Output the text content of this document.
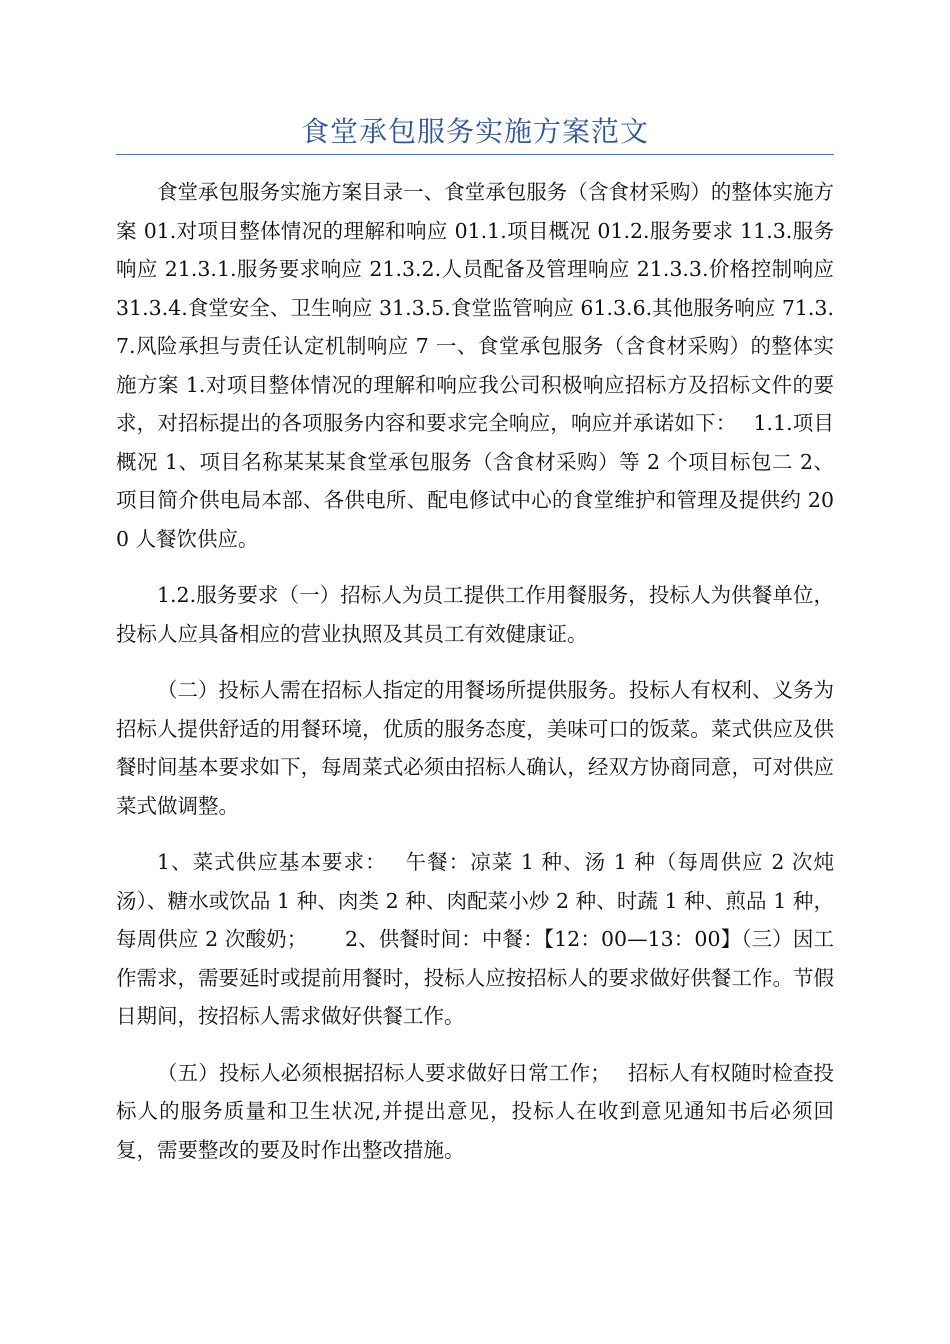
食堂承包服务实施方案范文

食堂承包服务实施方案目录一、食堂承包服务（含食材采购）的整体实施方案 01.对项目整体情况的理解和响应 01.1.项目概况 01.2.服务要求 11.3.服务响应 21.3.1.服务要求响应 21.3.2.人员配备及管理响应 21.3.3.价格控制响应 31.3.4.食堂安全、卫生响应 31.3.5.食堂监管响应 61.3.6.其他服务响应 71.3.7.风险承担与责任认定机制响应 7 一、食堂承包服务（含食材采购）的整体实施方案 1.对项目整体情况的理解和响应我公司积极响应招标方及招标文件的要求，对招标提出的各项服务内容和要求完全响应，响应并承诺如下：　 1.1.项目概况 1、项目名称某某某食堂承包服务（含食材采购）等 2 个项目标包二 2、项目简介供电局本部、各供电所、配电修试中心的食堂维护和管理及提供约 200 人餐饮供应。

1.2.服务要求（一）招标人为员工提供工作用餐服务，投标人为供餐单位，投标人应具备相应的营业执照及其员工有效健康证。

（二）投标人需在招标人指定的用餐场所提供服务。投标人有权利、义务为招标人提供舒适的用餐环境，优质的服务态度，美味可口的饭菜。菜式供应及供餐时间基本要求如下，每周菜式必须由招标人确认，经双方协商同意，可对供应菜式做调整。

1、菜式供应基本要求：　 午餐：凉菜 1 种、汤 1 种（每周供应 2 次炖汤）、糖水或饮品 1 种、肉类 2 种、肉配菜小炒 2 种、时蔬 1 种、煎品 1 种，每周供应 2 次酸奶；　　 2、供餐时间：中餐：【12：00—13：00】（三）因工作需求，需要延时或提前用餐时，投标人应按招标人的要求做好供餐工作。节假日期间，按招标人需求做好供餐工作。

（五）投标人必须根据招标人要求做好日常工作；　 招标人有权随时检查投标人的服务质量和卫生状况,并提出意见，投标人在收到意见通知书后必须回复，需要整改的要及时作出整改措施。
